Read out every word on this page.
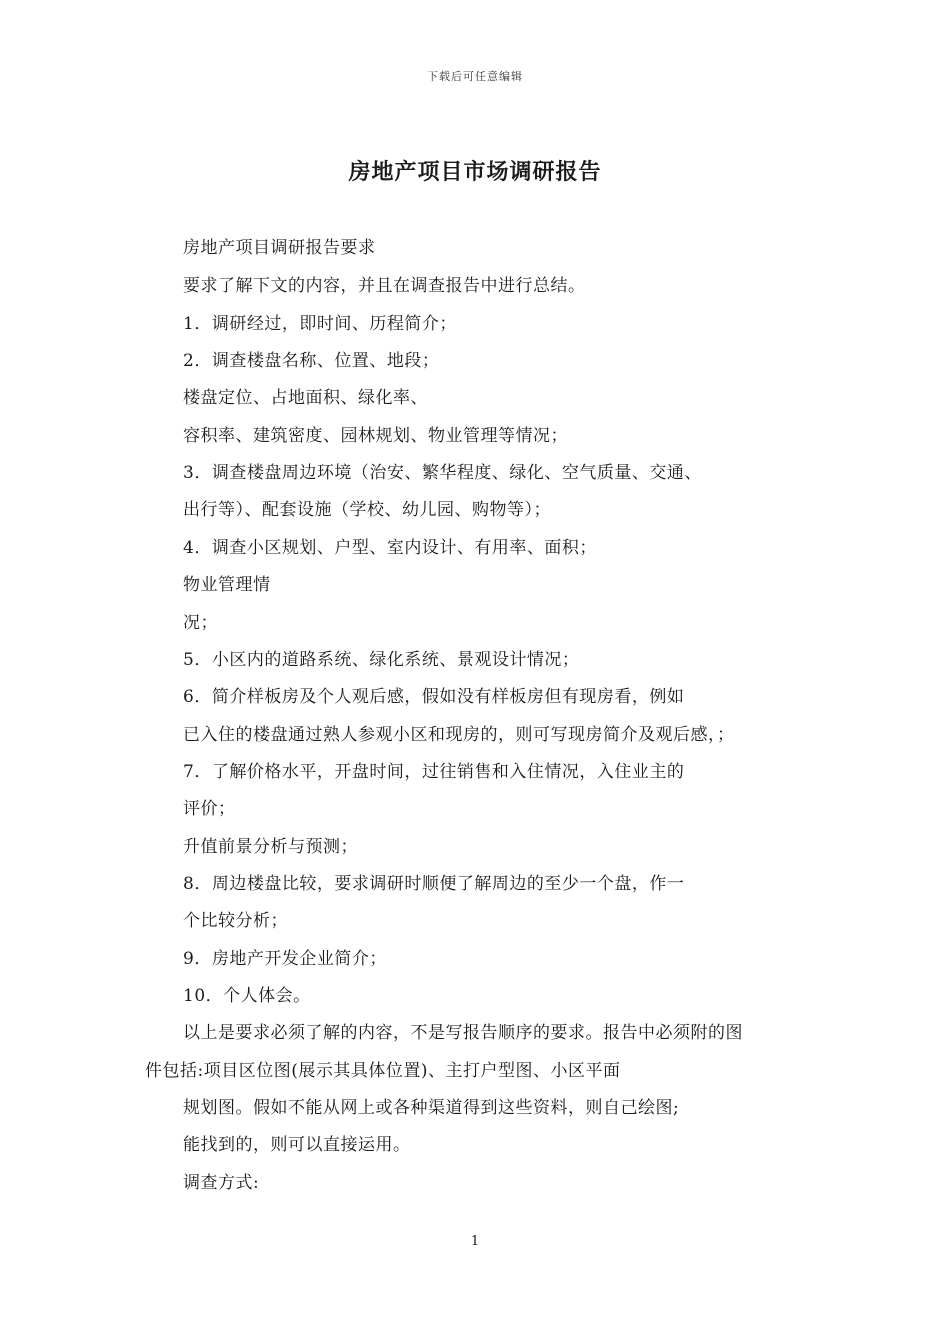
下载后可任意编辑
房地产项目市场调研报告
房地产项目调研报告要求
要求了解下文的内容，并且在调查报告中进行总结。
1．调研经过，即时间、历程简介；
2．调查楼盘名称、位置、地段；
楼盘定位、占地面积、绿化率、
容积率、建筑密度、园林规划、物业管理等情况；
3．调查楼盘周边环境（治安、繁华程度、绿化、空气质量、交通、
出行等）、配套设施（学校、幼儿园、购物等）；
4．调查小区规划、户型、室内设计、有用率、面积；
物业管理情
况；
5．小区内的道路系统、绿化系统、景观设计情况；
6．简介样板房及个人观后感，假如没有样板房但有现房看，例如
已入住的楼盘通过熟人参观小区和现房的，则可写现房简介及观后感，；
7．了解价格水平，开盘时间，过往销售和入住情况，入住业主的
评价；
升值前景分析与预测；
8．周边楼盘比较，要求调研时顺便了解周边的至少一个盘，作一
个比较分析；
9．房地产开发企业简介；
10．个人体会。
以上是要求必须了解的内容，不是写报告顺序的要求。报告中必须附的图
件包括:项目区位图(展示其具体位置)、主打户型图、小区平面
规划图。假如不能从网上或各种渠道得到这些资料，则自己绘图;
能找到的，则可以直接运用。
调查方式:
1
